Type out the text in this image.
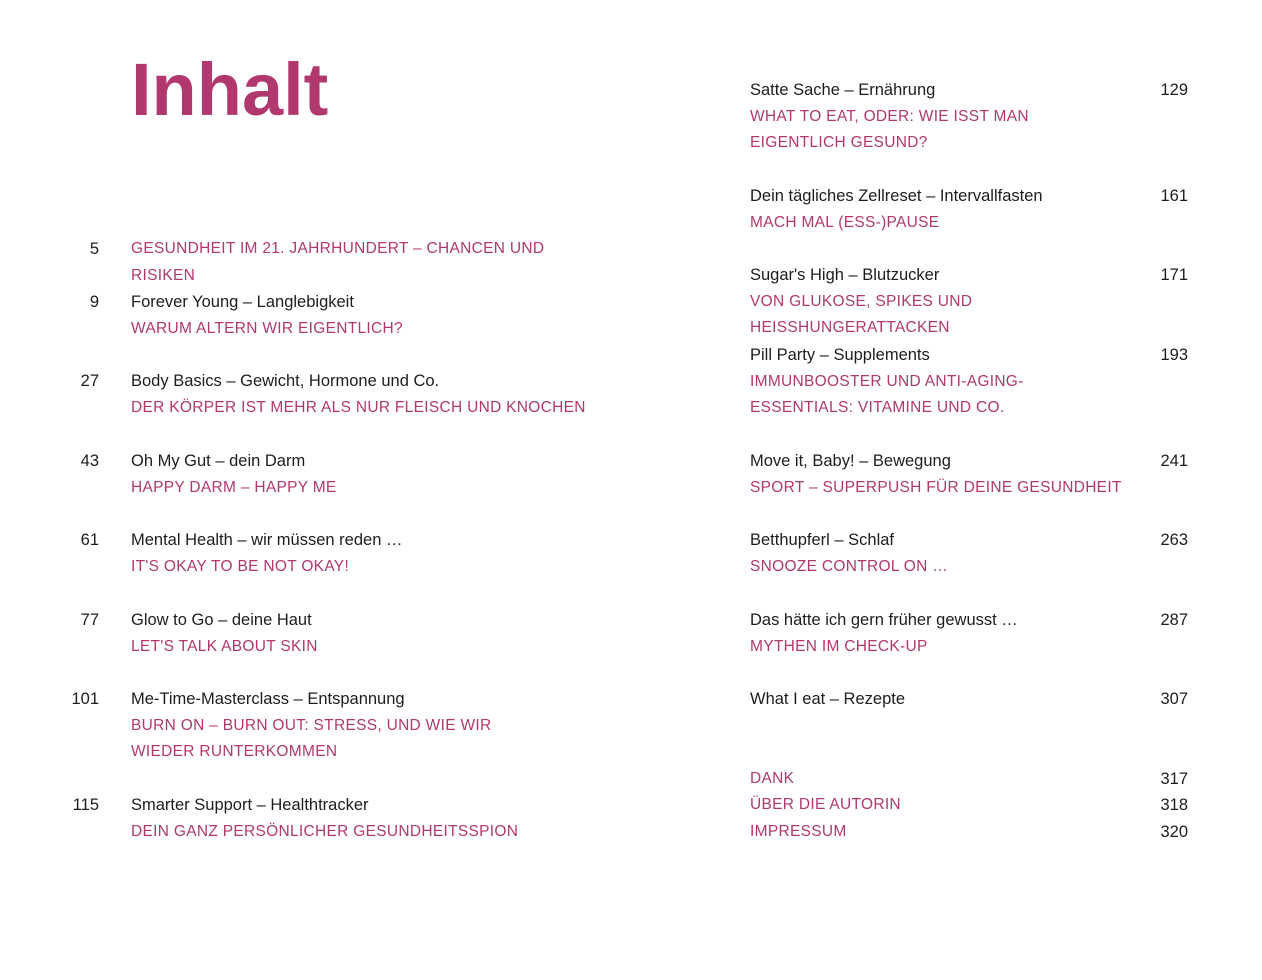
Inhalt
5 GESUNDHEIT IM 21. JAHRHUNDERT – CHANCEN UND RISIKEN
9 Forever Young – Langlebigkeit
WARUM ALTERN WIR EIGENTLICH?
27 Body Basics – Gewicht, Hormone und Co.
DER KÖRPER IST MEHR ALS NUR FLEISCH UND KNOCHEN
43 Oh My Gut – dein Darm
HAPPY DARM – HAPPY ME
61 Mental Health – wir müssen reden …
IT'S OKAY TO BE NOT OKAY!
77 Glow to Go – deine Haut
LET'S TALK ABOUT SKIN
101 Me-Time-Masterclass – Entspannung
BURN ON – BURN OUT: STRESS, UND WIE WIR WIEDER RUNTERKOMMEN
115 Smarter Support – Healthtracker
DEIN GANZ PERSÖNLICHER GESUNDHEITSSPION
129
Satte Sache – Ernährung
WHAT TO EAT, ODER: WIE ISST MAN EIGENTLICH GESUND?
161
Dein tägliches Zellreset – Intervallfasten
MACH MAL (ESS-)PAUSE
171
Sugar's High – Blutzucker
VON GLUKOSE, SPIKES UND HEISSHUNGERATTACKEN
193
Pill Party – Supplements
IMMUNBOOSTER UND ANTI-AGING-ESSENTIALS: VITAMINE UND CO.
241
Move it, Baby! – Bewegung
SPORT – SUPERPUSH FÜR DEINE GESUNDHEIT
263
Betthupferl – Schlaf
SNOOZE CONTROL ON …
287
Das hätte ich gern früher gewusst …
MYTHEN IM CHECK-UP
307
What I eat – Rezepte
317
DANK
318
ÜBER DIE AUTORIN
320
IMPRESSUM
